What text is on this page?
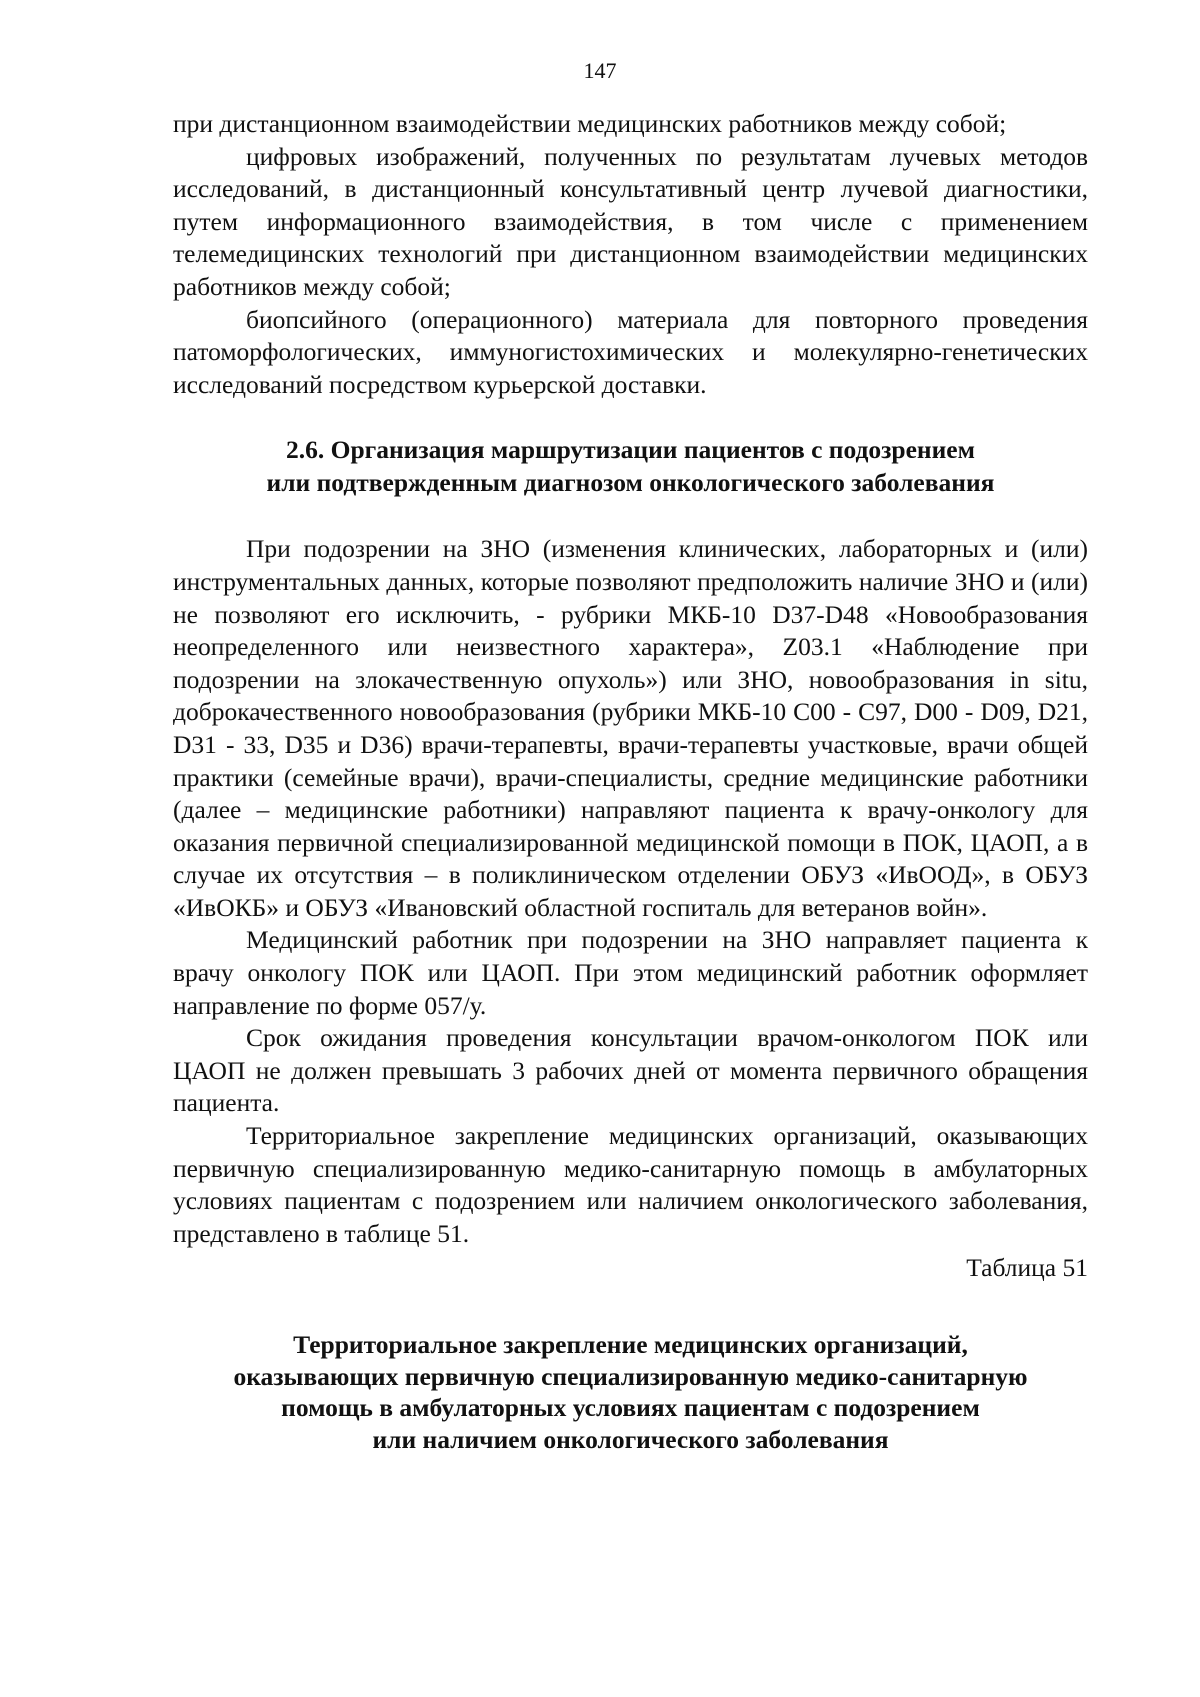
147

при дистанционном взаимодействии медицинских работников между собой;

цифровых изображений, полученных по результатам лучевых методов исследований, в дистанционный консультативный центр лучевой диагностики, путем информационного взаимодействия, в том числе с применением телемедицинских технологий при дистанционном взаимодействии медицинских работников между собой;

биопсийного (операционного) материала для повторного проведения патоморфологических, иммуногистохимических и молекулярно-генетических исследований посредством курьерской доставки.

2.6. Организация маршрутизации пациентов с подозрением
или подтвержденным диагнозом онкологического заболевания

При подозрении на ЗНО (изменения клинических, лабораторных и (или) инструментальных данных, которые позволяют предположить наличие ЗНО и (или) не позволяют его исключить, - рубрики МКБ-10 D37-D48 «Новообразования неопределенного или неизвестного характера», Z03.1 «Наблюдение при подозрении на злокачественную опухоль») или ЗНО, новообразования in situ, доброкачественного новообразования (рубрики МКБ-10 C00 - C97, D00 - D09, D21, D31 - 33, D35 и D36) врачи-терапевты, врачи-терапевты участковые, врачи общей практики (семейные врачи), врачи-специалисты, средние медицинские работники (далее – медицинские работники) направляют пациента к врачу-онкологу для оказания первичной специализированной медицинской помощи в ПОК, ЦАОП, а в случае их отсутствия – в поликлиническом отделении ОБУЗ «ИвООД», в ОБУЗ «ИвОКБ» и ОБУЗ «Ивановский областной госпиталь для ветеранов войн».

Медицинский работник при подозрении на ЗНО направляет пациента к врачу онкологу ПОК или ЦАОП. При этом медицинский работник оформляет направление по форме 057/у.

Срок ожидания проведения консультации врачом-онкологом ПОК или ЦАОП не должен превышать 3 рабочих дней от момента первичного обращения пациента.

Территориальное закрепление медицинских организаций, оказывающих первичную специализированную медико-санитарную помощь в амбулаторных условиях пациентам с подозрением или наличием онкологического заболевания, представлено в таблице 51.

Таблица 51

Территориальное закрепление медицинских организаций,
оказывающих первичную специализированную медико-санитарную
помощь в амбулаторных условиях пациентам с подозрением
или наличием онкологического заболевания
